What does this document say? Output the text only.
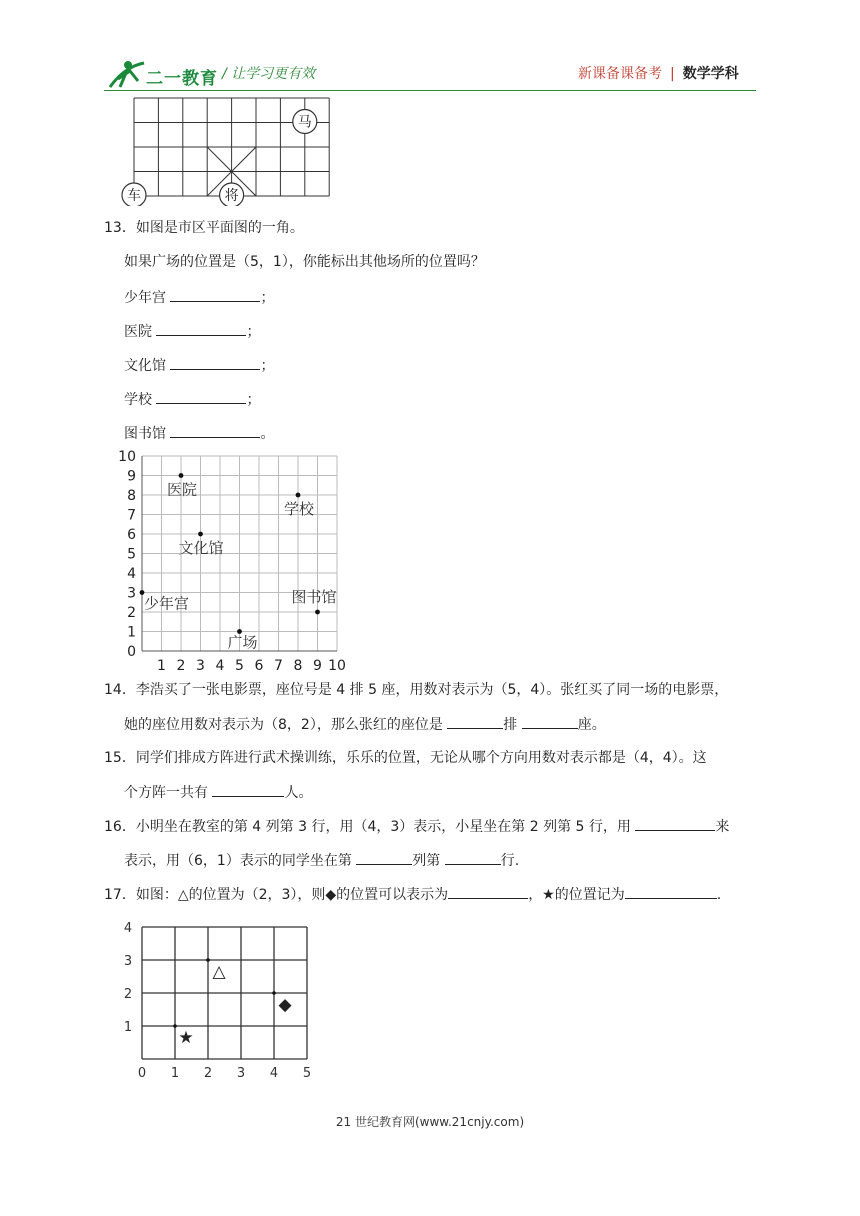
二一教育 / 让学习更有效	新课备课备考 | 数学学科
马
车	将
13．如图是市区平面图的一角。
如果广场的位置是（5，1），你能标出其他场所的位置吗？
少年宫	；
医院	；
文化馆	；
学校	；
图书馆	。
0
1
2
3
4
5
6
7
8
9
10
1 2 3 4 5 6 7 8 9 10
医院
学校
文化馆
少年宫	图书馆
广场
14．李浩买了一张电影票，座位号是 4 排 5 座，用数对表示为（5，4）。张红买了同一场的电影票，
她的座位用数对表示为（8，2），那么张红的座位是	排	座。
15．同学们排成方阵进行武术操训练，乐乐的位置，无论从哪个方向用数对表示都是（4，4）。这
个方阵一共有	人。
16．小明坐在教室的第 4 列第 3 行，用（4，3）表示，小星坐在第 2 列第 5 行，用	来
表示，用（6，1）表示的同学坐在第	列第	行.
17．如图：△的位置为（2，3），则◆的位置可以表示为	，★的位置记为	.
1
2
3
4
0 1 2 3 4 5
△
◆
★
21 世纪教育网(www.21cnjy.com)
